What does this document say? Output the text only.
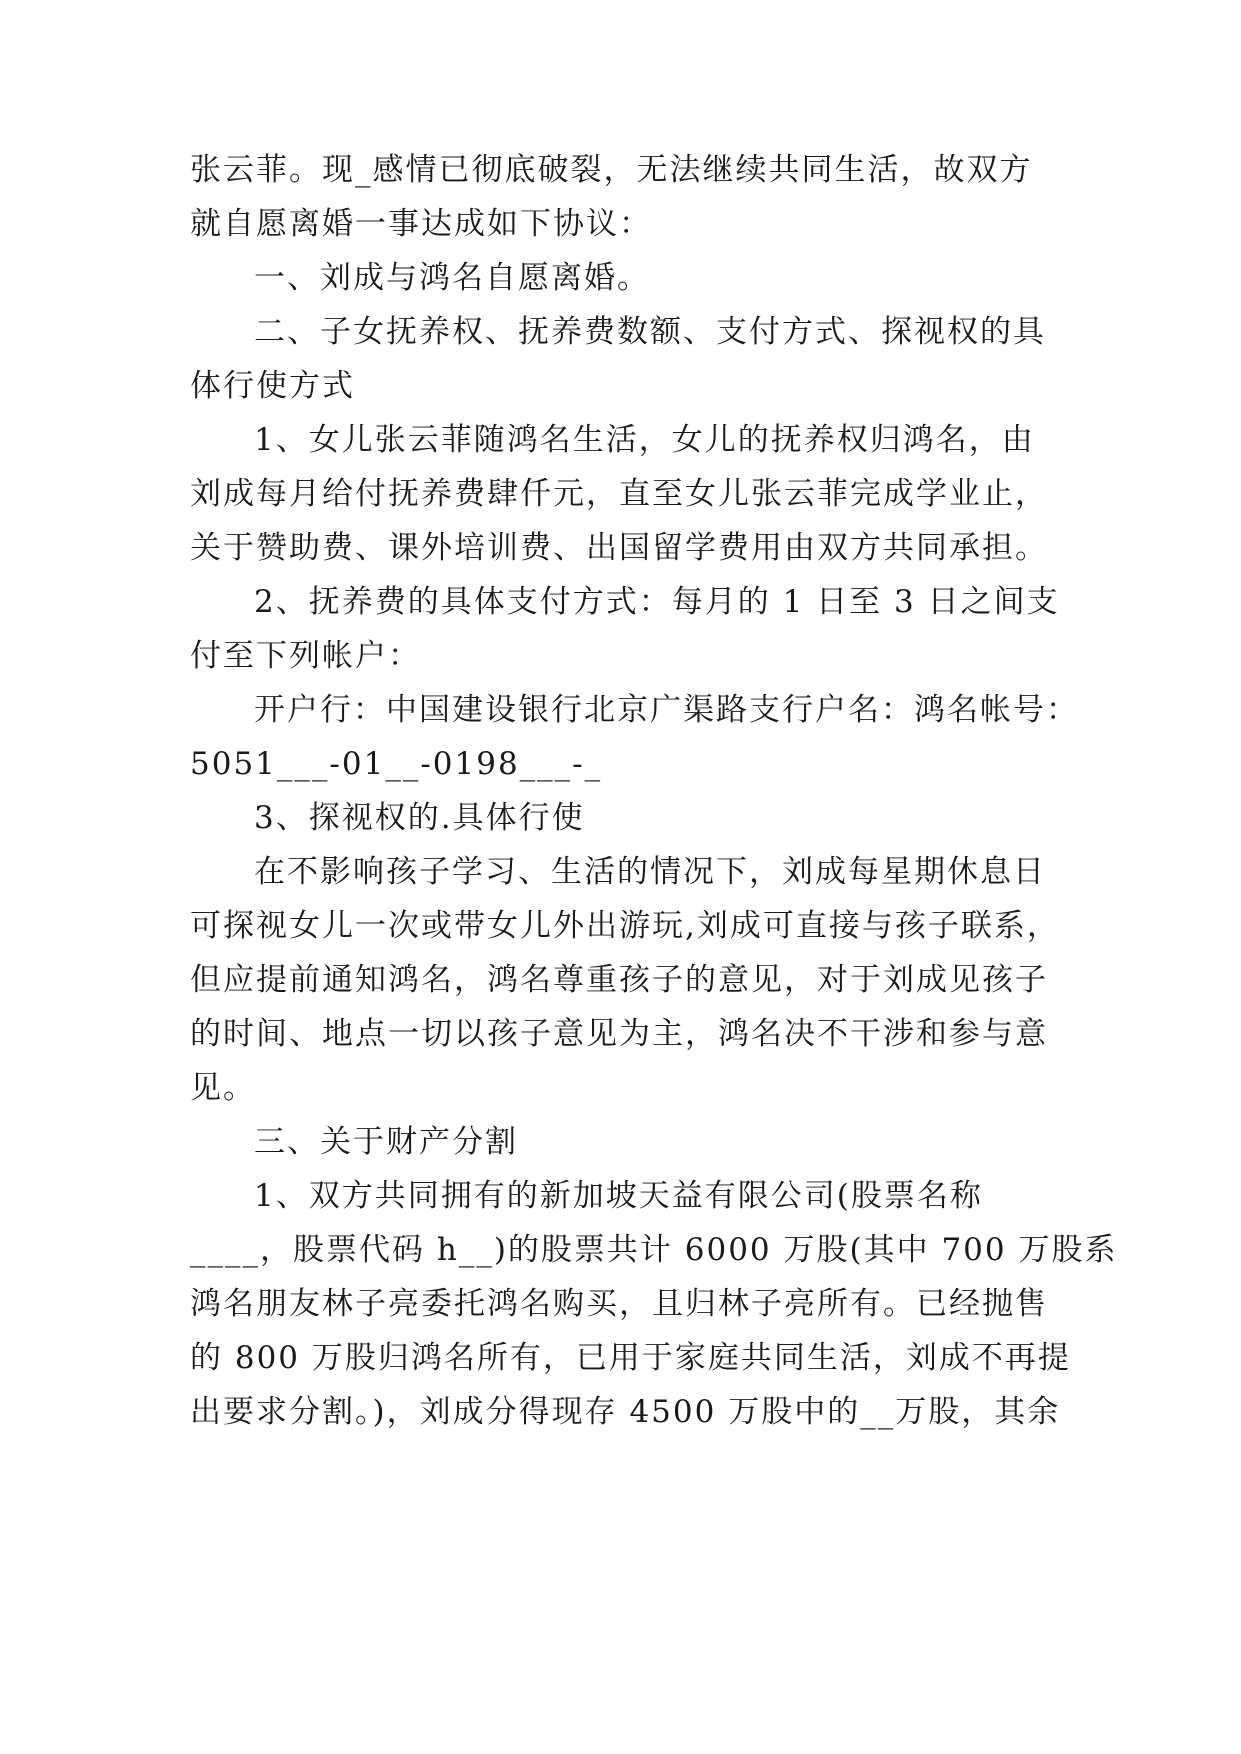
张云菲。现_感情已彻底破裂，无法继续共同生活，故双方
就自愿离婚一事达成如下协议：
一、刘成与鸿名自愿离婚。
二、子女抚养权、抚养费数额、支付方式、探视权的具
体行使方式
1、女儿张云菲随鸿名生活，女儿的抚养权归鸿名，由
刘成每月给付抚养费肆仟元，直至女儿张云菲完成学业止，
关于赞助费、课外培训费、出国留学费用由双方共同承担。
2、抚养费的具体支付方式：每月的 1 日至 3 日之间支
付至下列帐户：
开户行：中国建设银行北京广渠路支行户名：鸿名帐号：
5051___-01__-0198___-_
3、探视权的.具体行使
在不影响孩子学习、生活的情况下，刘成每星期休息日
可探视女儿一次或带女儿外出游玩,刘成可直接与孩子联系，
但应提前通知鸿名，鸿名尊重孩子的意见，对于刘成见孩子
的时间、地点一切以孩子意见为主，鸿名决不干涉和参与意
见。
三、关于财产分割
1、双方共同拥有的新加坡天益有限公司(股票名称
____，股票代码 h__)的股票共计 6000 万股(其中 700 万股系
鸿名朋友林子亮委托鸿名购买，且归林子亮所有。已经抛售
的 800 万股归鸿名所有，已用于家庭共同生活，刘成不再提
出要求分割。)，刘成分得现存 4500 万股中的__万股，其余
